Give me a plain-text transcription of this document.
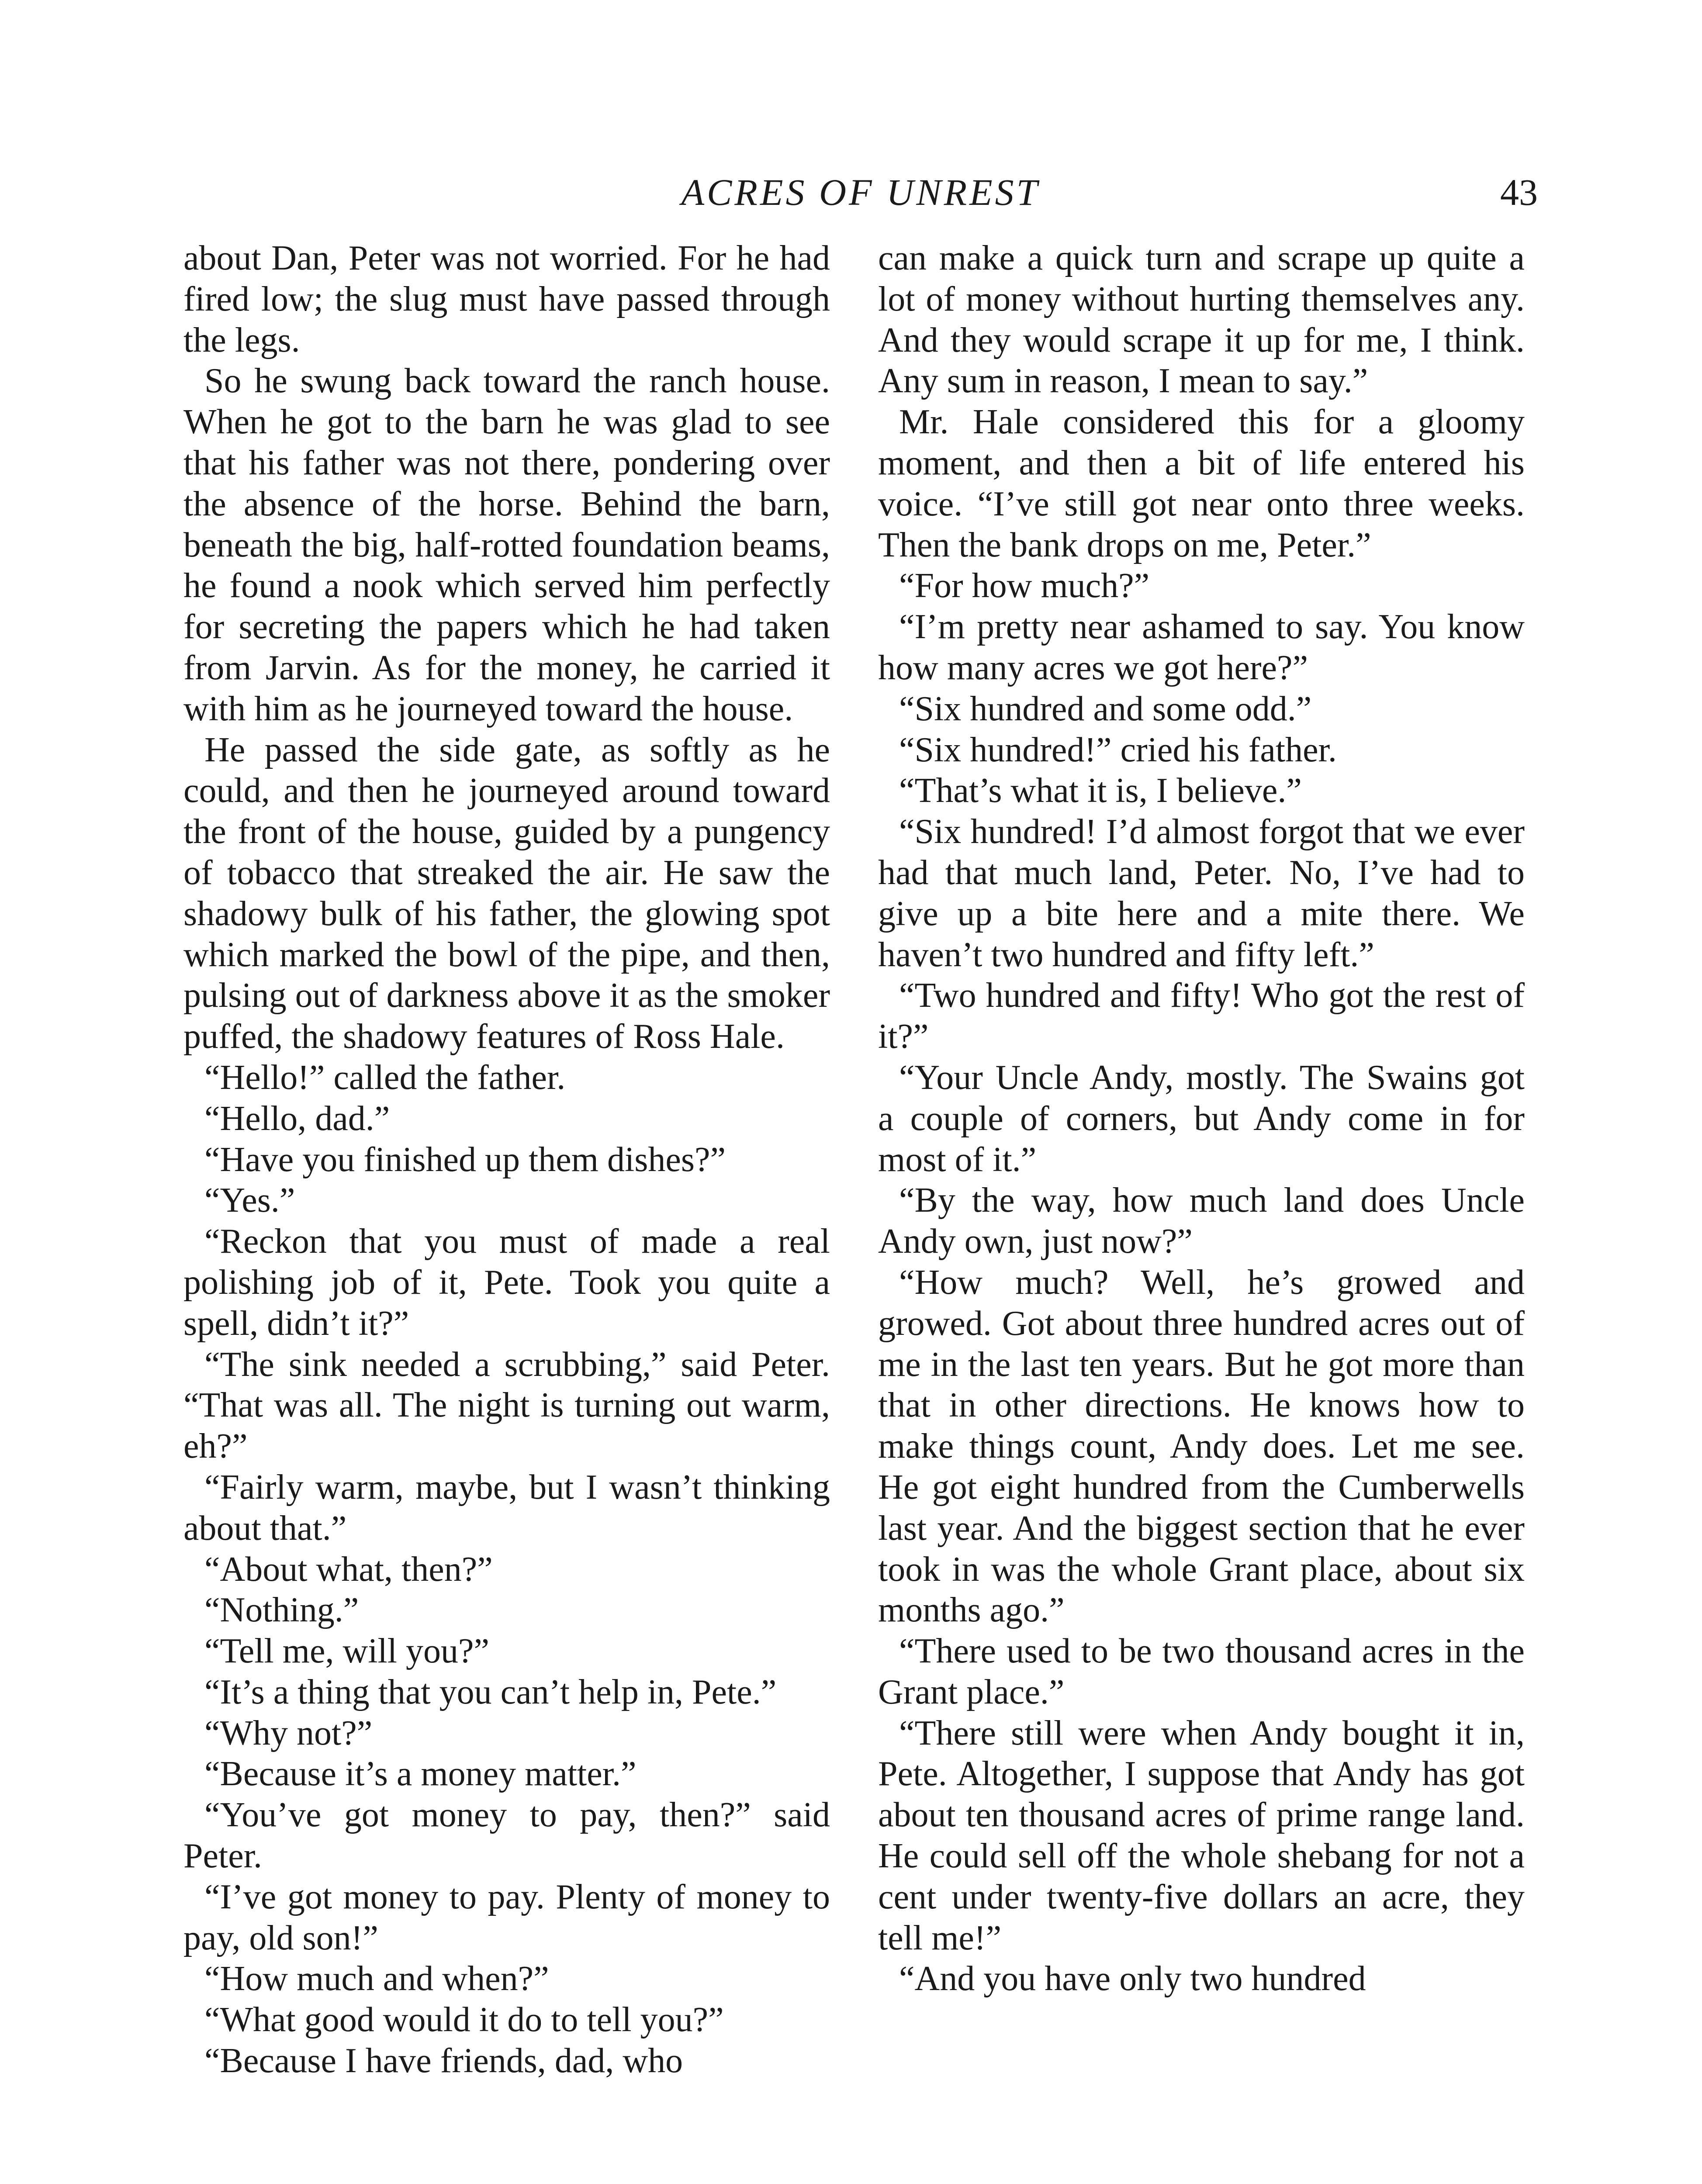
ACRES OF UNREST	43

about Dan, Peter was not worried. For he had fired low; the slug must have passed through the legs.

So he swung back toward the ranch house. When he got to the barn he was glad to see that his father was not there, pondering over the absence of the horse. Behind the barn, beneath the big, half-rotted foundation beams, he found a nook which served him perfectly for secreting the papers which he had taken from Jarvin. As for the money, he carried it with him as he journeyed toward the house.

He passed the side gate, as softly as he could, and then he journeyed around toward the front of the house, guided by a pungency of tobacco that streaked the air. He saw the shadowy bulk of his father, the glowing spot which marked the bowl of the pipe, and then, pulsing out of darkness above it as the smoker puffed, the shadowy features of Ross Hale.

“Hello!” called the father.

“Hello, dad.”

“Have you finished up them dishes?”

“Yes.”

“Reckon that you must of made a real polishing job of it, Pete. Took you quite a spell, didn’t it?”

“The sink needed a scrubbing,” said Peter. “That was all. The night is turning out warm, eh?”

“Fairly warm, maybe, but I wasn’t thinking about that.”

“About what, then?”

“Nothing.”

“Tell me, will you?”

“It’s a thing that you can’t help in, Pete.”

“Why not?”

“Because it’s a money matter.”

“You’ve got money to pay, then?” said Peter.

“I’ve got money to pay. Plenty of money to pay, old son!”

“How much and when?”

“What good would it do to tell you?”

“Because I have friends, dad, who

can make a quick turn and scrape up quite a lot of money without hurting themselves any. And they would scrape it up for me, I think. Any sum in reason, I mean to say.”

Mr. Hale considered this for a gloomy moment, and then a bit of life entered his voice. “I’ve still got near onto three weeks. Then the bank drops on me, Peter.”

“For how much?”

“I’m pretty near ashamed to say. You know how many acres we got here?”

“Six hundred and some odd.”

“Six hundred!” cried his father.

“That’s what it is, I believe.”

“Six hundred! I’d almost forgot that we ever had that much land, Peter. No, I’ve had to give up a bite here and a mite there. We haven’t two hundred and fifty left.”

“Two hundred and fifty! Who got the rest of it?”

“Your Uncle Andy, mostly. The Swains got a couple of corners, but Andy come in for most of it.”

“By the way, how much land does Uncle Andy own, just now?”

“How much? Well, he’s growed and growed. Got about three hundred acres out of me in the last ten years. But he got more than that in other directions. He knows how to make things count, Andy does. Let me see. He got eight hundred from the Cumberwells last year. And the biggest section that he ever took in was the whole Grant place, about six months ago.”

“There used to be two thousand acres in the Grant place.”

“There still were when Andy bought it in, Pete. Altogether, I suppose that Andy has got about ten thousand acres of prime range land. He could sell off the whole shebang for not a cent under twenty-five dollars an acre, they tell me!”

“And you have only two hundred
